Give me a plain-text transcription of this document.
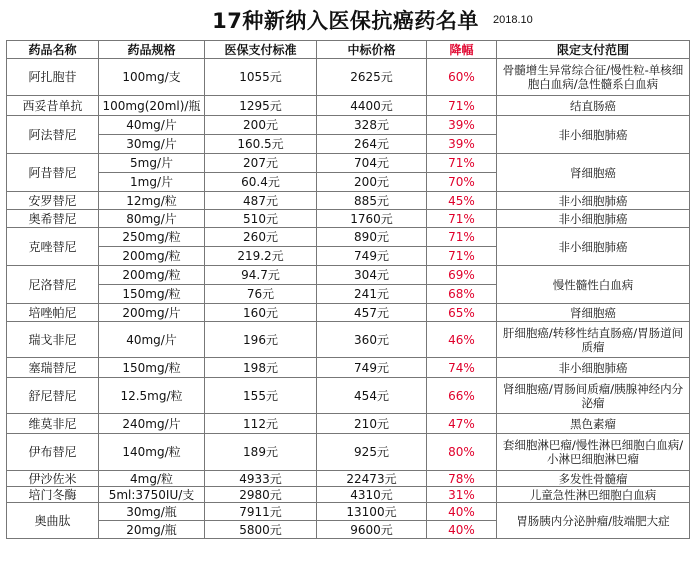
17种新纳入医保抗癌药名单	2018.10
药品名称	药品规格	医保支付标准	中标价格	降幅	限定支付范围
阿扎胞苷	100mg/支	1055元	2625元	60%	骨髓增生异常综合征/慢性粒-单核细胞白血病/急性髓系白血病
西妥昔单抗	100mg(20ml)/瓶	1295元	4400元	71%	结直肠癌
阿法替尼	40mg/片	200元	328元	39%	非小细胞肺癌
	30mg/片	160.5元	264元	39%	
阿昔替尼	5mg/片	207元	704元	71%	肾细胞癌
	1mg/片	60.4元	200元	70%	
安罗替尼	12mg/粒	487元	885元	45%	非小细胞肺癌
奥希替尼	80mg/片	510元	1760元	71%	非小细胞肺癌
克唑替尼	250mg/粒	260元	890元	71%	非小细胞肺癌
	200mg/粒	219.2元	749元	71%	
尼洛替尼	200mg/粒	94.7元	304元	69%	慢性髓性白血病
	150mg/粒	76元	241元	68%	
培唑帕尼	200mg/片	160元	457元	65%	肾细胞癌
瑞戈非尼	40mg/片	196元	360元	46%	肝细胞癌/转移性结直肠癌/胃肠道间质瘤
塞瑞替尼	150mg/粒	198元	749元	74%	非小细胞肺癌
舒尼替尼	12.5mg/粒	155元	454元	66%	肾细胞癌/胃肠间质瘤/胰腺神经内分泌瘤
维莫非尼	240mg/片	112元	210元	47%	黑色素瘤
伊布替尼	140mg/粒	189元	925元	80%	套细胞淋巴瘤/慢性淋巴细胞白血病/小淋巴细胞淋巴瘤
伊沙佐米	4mg/粒	4933元	22473元	78%	多发性骨髓瘤
培门冬酶	5ml:3750IU/支	2980元	4310元	31%	儿童急性淋巴细胞白血病
奥曲肽	30mg/瓶	7911元	13100元	40%	胃肠胰内分泌肿瘤/肢端肥大症
	20mg/瓶	5800元	9600元	40%	
